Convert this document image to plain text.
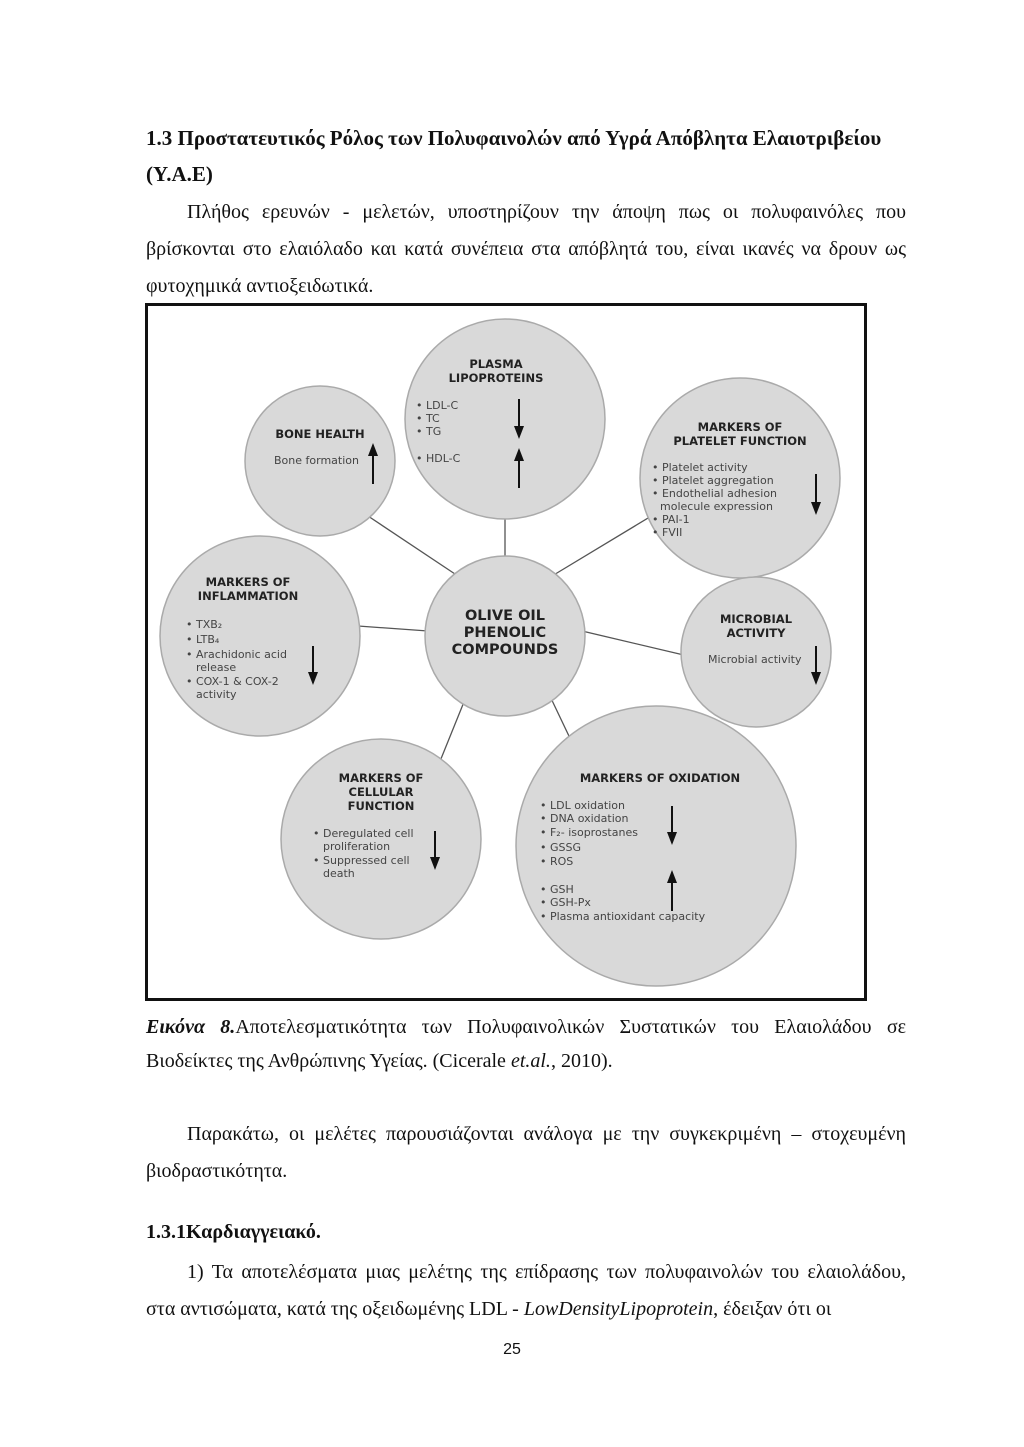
1.3 Προστατευτικός Ρόλος των Πολυφαινολών από Υγρά Απόβλητα Ελαιοτριβείου (Υ.Α.Ε)
Πλήθος ερευνών - μελετών, υποστηρίζουν την άποψη πως οι πολυφαινόλες που βρίσκονται στο ελαιόλαδο και κατά συνέπεια στα απόβλητά του, είναι ικανές να δρουν ως φυτοχημικά αντιοξειδωτικά.
PLASMA
LIPOPROTEINS
• LDL-C
• TC
• TG
• HDL-C
BONE HEALTH
Bone formation
MARKERS OF
PLATELET FUNCTION
• Platelet activity
• Platelet aggregation
• Endothelial adhesion
molecule expression
• PAI-1
• FVII
MARKERS OF
INFLAMMATION
• TXB₂
• LTB₄
• Arachidonic acid
release
• COX-1 & COX-2
activity
OLIVE OIL
PHENOLIC
COMPOUNDS
MICROBIAL
ACTIVITY
Microbial activity
MARKERS OF
CELLULAR
FUNCTION
• Deregulated cell
proliferation
• Suppressed cell
death
MARKERS OF OXIDATION
• LDL oxidation
• DNA oxidation
• F₂- isoprostanes
• GSSG
• ROS
• GSH
• GSH-Px
• Plasma antioxidant capacity
Εικόνα 8.Αποτελεσματικότητα των Πολυφαινολικών Συστατικών του Ελαιολάδου σε Βιοδείκτες της Ανθρώπινης Υγείας. (Cicerale et.al., 2010).
Παρακάτω, οι μελέτες παρουσιάζονται ανάλογα με την συγκεκριμένη – στοχευμένη βιοδραστικότητα.
1.3.1Καρδιαγγειακό.
1) Τα αποτελέσματα μιας μελέτης της επίδρασης των πολυφαινολών του ελαιολάδου, στα αντισώματα, κατά της οξειδωμένης LDL - LowDensityLipoprotein, έδειξαν ότι οι
25
